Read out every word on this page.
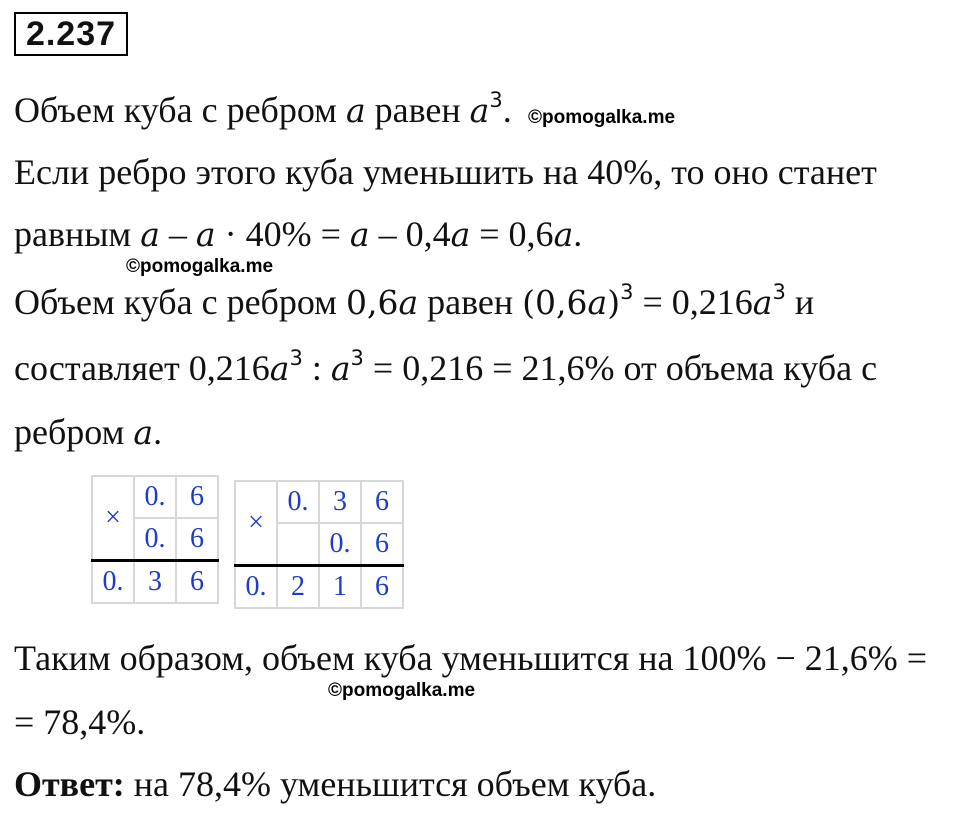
2.237
Объем куба с ребром a равен $a^3$. ©pomogalka.me
Если ребро этого куба уменьшить на 40%, то оно станет
равным a – a · 40% = a – 0,4a = 0,6a.
©pomogalka.me
Объем куба с ребром 0,6a равен $(0,6a)^3 = 0,216a^3$ и
составляет $0,216a^3$ : $a^3 = 0,216 = 21,6\%$ от объема куба с
ребром a.
×	0.	6
	0.	6
0.	3	6
×	0.	3	6
		0.	6
0.	2	1	6
Таким образом, объем куба уменьшится на 100% − 21,6% =
©pomogalka.me
= 78,4%.
Ответ: на 78,4% уменьшится объем куба.
